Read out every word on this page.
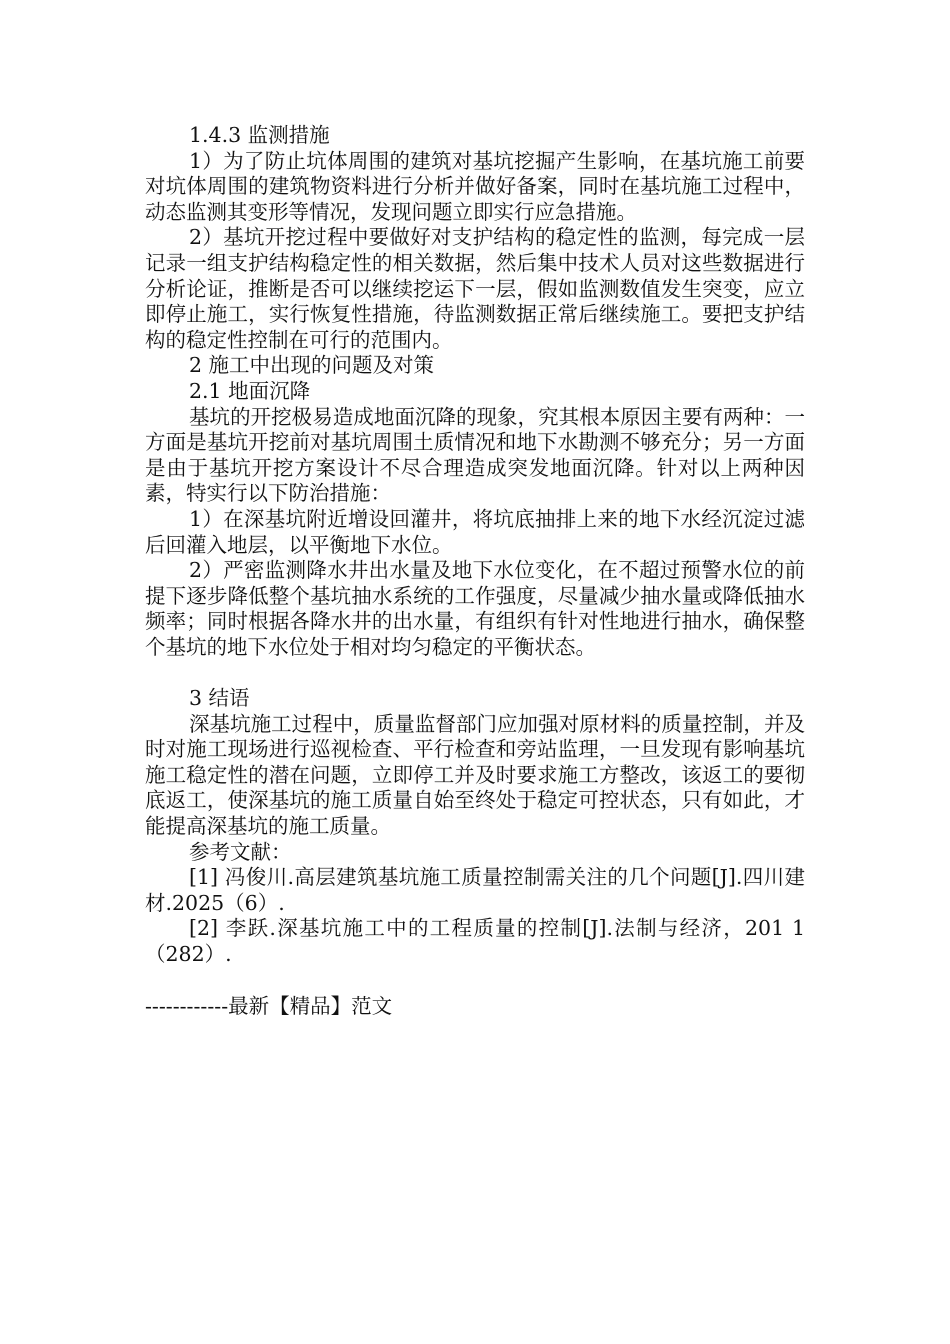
1.4.3 监测措施

1）为了防止坑体周围的建筑对基坑挖掘产生影响，在基坑施工前要对坑体周围的建筑物资料进行分析并做好备案，同时在基坑施工过程中，动态监测其变形等情况，发现问题立即实行应急措施。

2）基坑开挖过程中要做好对支护结构的稳定性的监测，每完成一层记录一组支护结构稳定性的相关数据，然后集中技术人员对这些数据进行分析论证，推断是否可以继续挖运下一层，假如监测数值发生突变，应立即停止施工，实行恢复性措施，待监测数据正常后继续施工。要把支护结构的稳定性控制在可行的范围内。

2 施工中出现的问题及对策

2.1 地面沉降

基坑的开挖极易造成地面沉降的现象，究其根本原因主要有两种：一方面是基坑开挖前对基坑周围土质情况和地下水勘测不够充分；另一方面是由于基坑开挖方案设计不尽合理造成突发地面沉降。针对以上两种因素，特实行以下防治措施：

1）在深基坑附近增设回灌井，将坑底抽排上来的地下水经沉淀过滤后回灌入地层，以平衡地下水位。

2）严密监测降水井出水量及地下水位变化，在不超过预警水位的前提下逐步降低整个基坑抽水系统的工作强度，尽量减少抽水量或降低抽水频率；同时根据各降水井的出水量，有组织有针对性地进行抽水，确保整个基坑的地下水位处于相对均匀稳定的平衡状态。

3 结语

深基坑施工过程中，质量监督部门应加强对原材料的质量控制，并及时对施工现场进行巡视检查、平行检查和旁站监理，一旦发现有影响基坑施工稳定性的潜在问题，立即停工并及时要求施工方整改，该返工的要彻底返工，使深基坑的施工质量自始至终处于稳定可控状态，只有如此，才能提高深基坑的施工质量。

参考文献：

[1] 冯俊川.高层建筑基坑施工质量控制需关注的几个问题[J].四川建材.2025（6）.

[2] 李跃.深基坑施工中的工程质量的控制[J].法制与经济，201 1（282）.

------------最新【精品】范文
